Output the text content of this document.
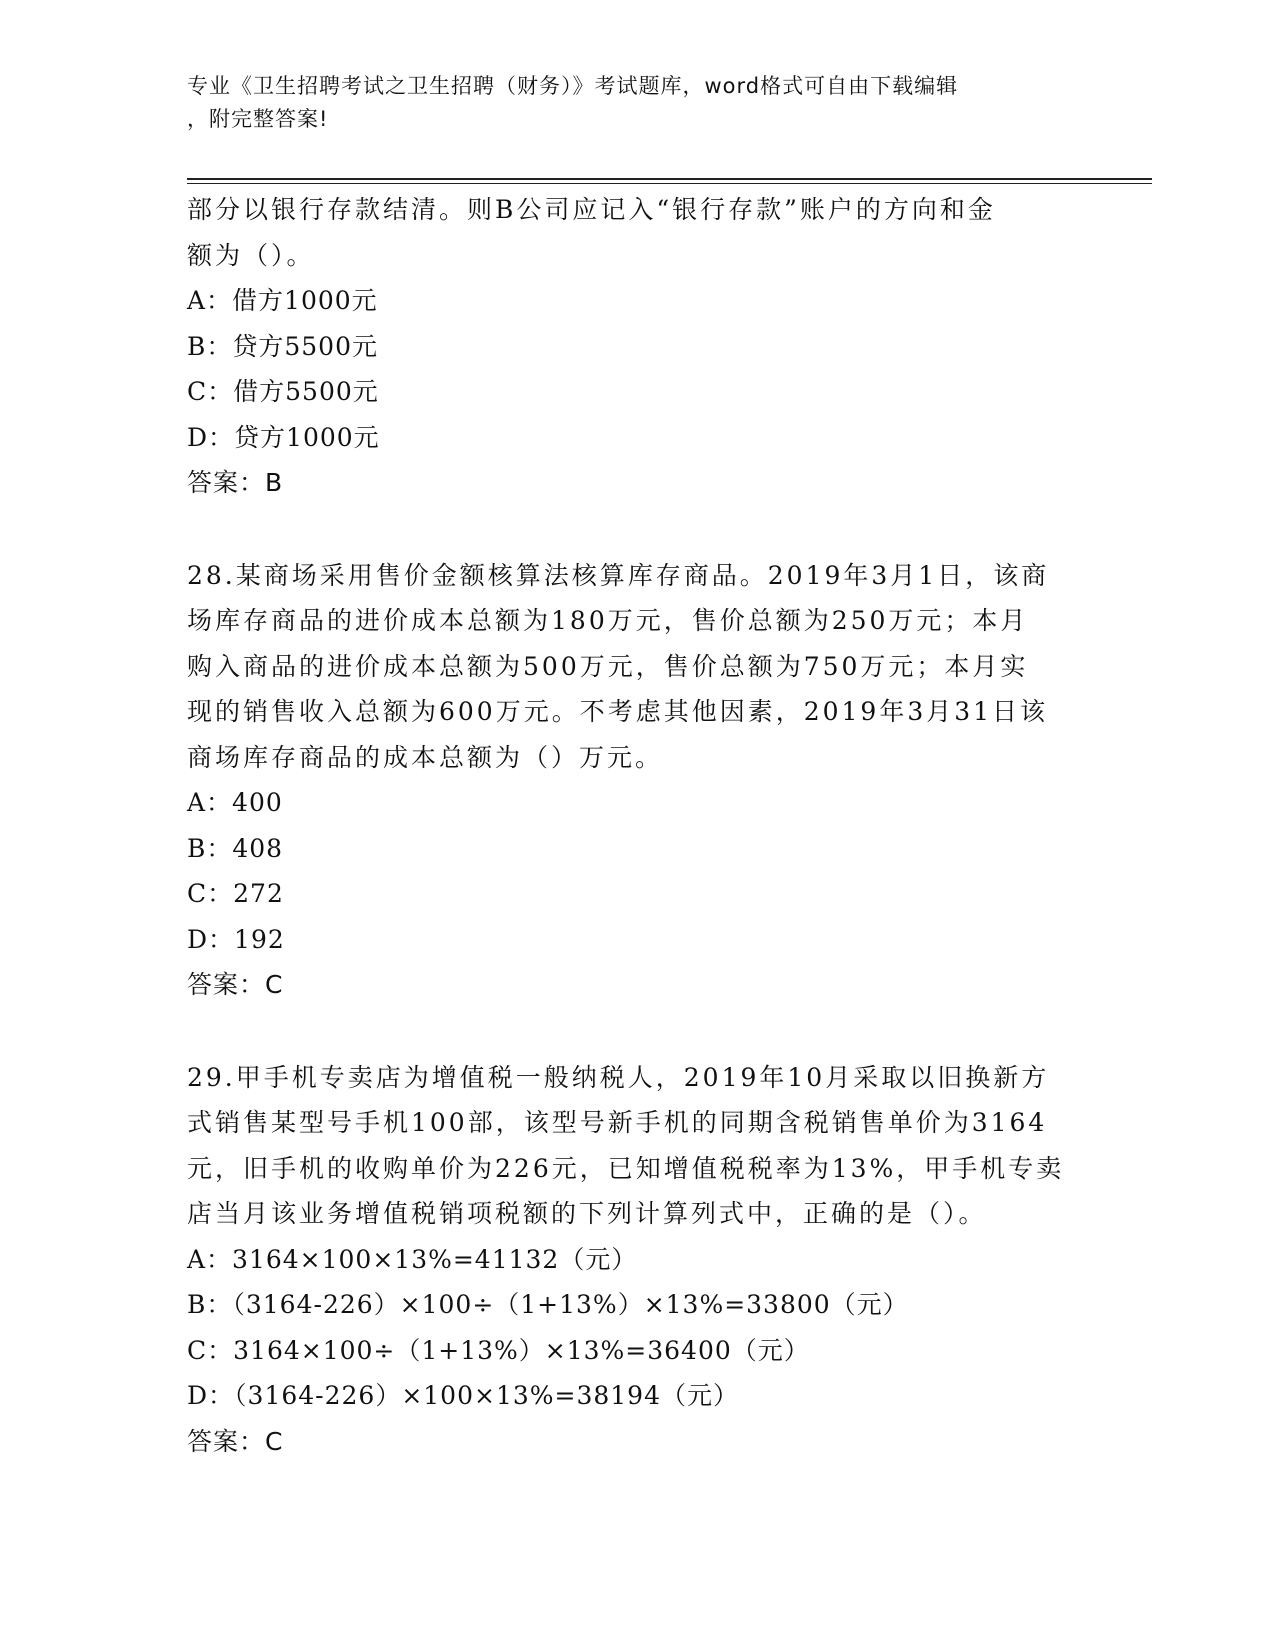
专业《卫生招聘考试之卫生招聘（财务）》考试题库，word格式可自由下载编辑
，附完整答案!
部分以银行存款结清。则B公司应记入“银行存款”账户的方向和金
额为（）。
A：借方1000元
B：贷方5500元
C：借方5500元
D：贷方1000元
答案：B
28.某商场采用售价金额核算法核算库存商品。2019年3月1日，该商
场库存商品的进价成本总额为180万元，售价总额为250万元；本月
购入商品的进价成本总额为500万元，售价总额为750万元；本月实
现的销售收入总额为600万元。不考虑其他因素，2019年3月31日该
商场库存商品的成本总额为（）万元。
A：400
B：408
C：272
D：192
答案：C
29.甲手机专卖店为增值税一般纳税人，2019年10月采取以旧换新方
式销售某型号手机100部，该型号新手机的同期含税销售单价为3164
元，旧手机的收购单价为226元，已知增值税税率为13%，甲手机专卖
店当月该业务增值税销项税额的下列计算列式中，正确的是（）。
A：3164×100×13%=41132（元）
B：（3164-226）×100÷（1+13%）×13%=33800（元）
C：3164×100÷（1+13%）×13%=36400（元）
D：（3164-226）×100×13%=38194（元）
答案：C
